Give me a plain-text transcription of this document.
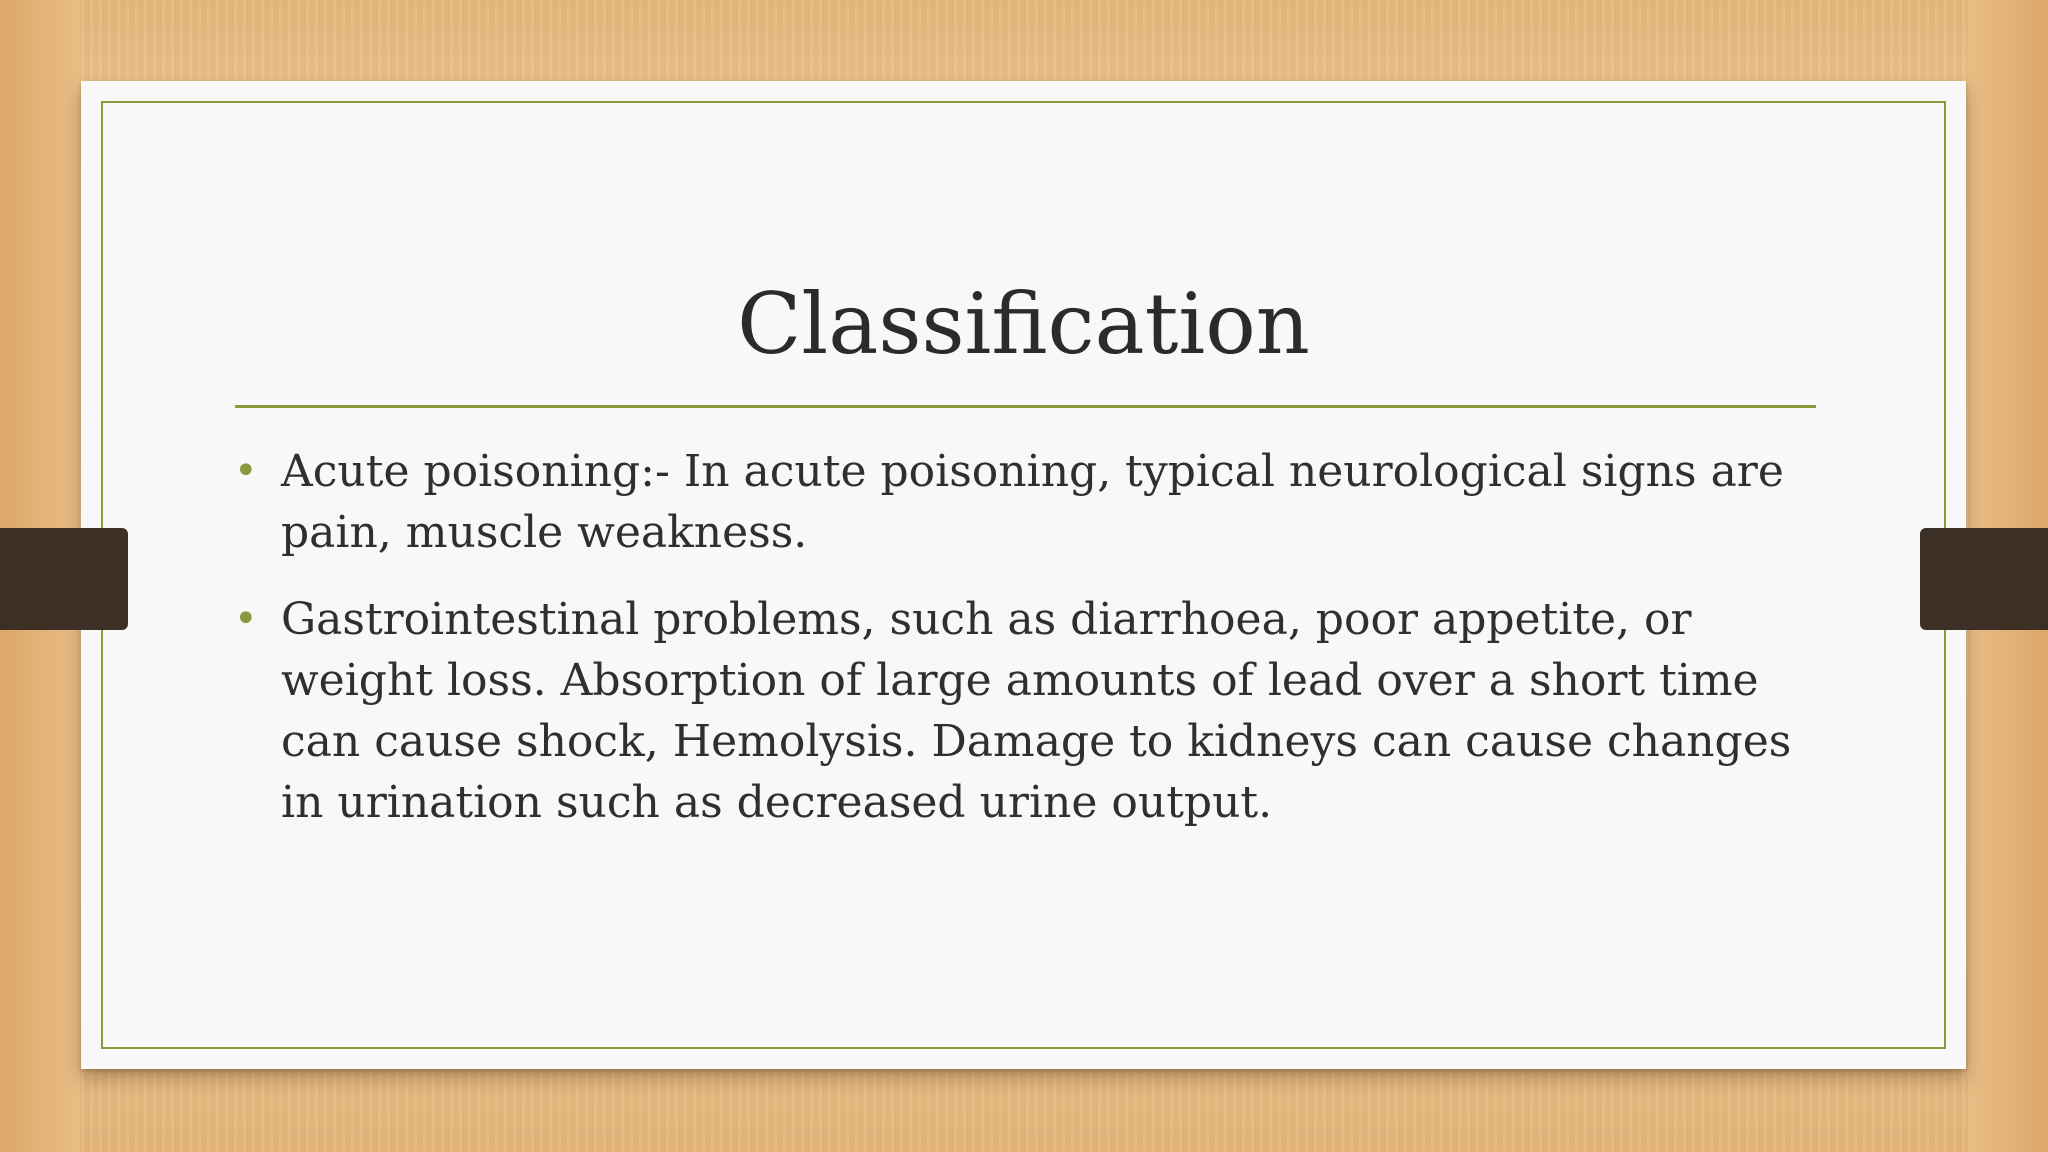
Classification
• Acute poisoning:- In acute poisoning, typical neurological signs are pain, muscle weakness.
• Gastrointestinal problems, such as diarrhoea, poor appetite, or weight loss. Absorption of large amounts of lead over a short time can cause shock, Hemolysis. Damage to kidneys can cause changes in urination such as decreased urine output.
